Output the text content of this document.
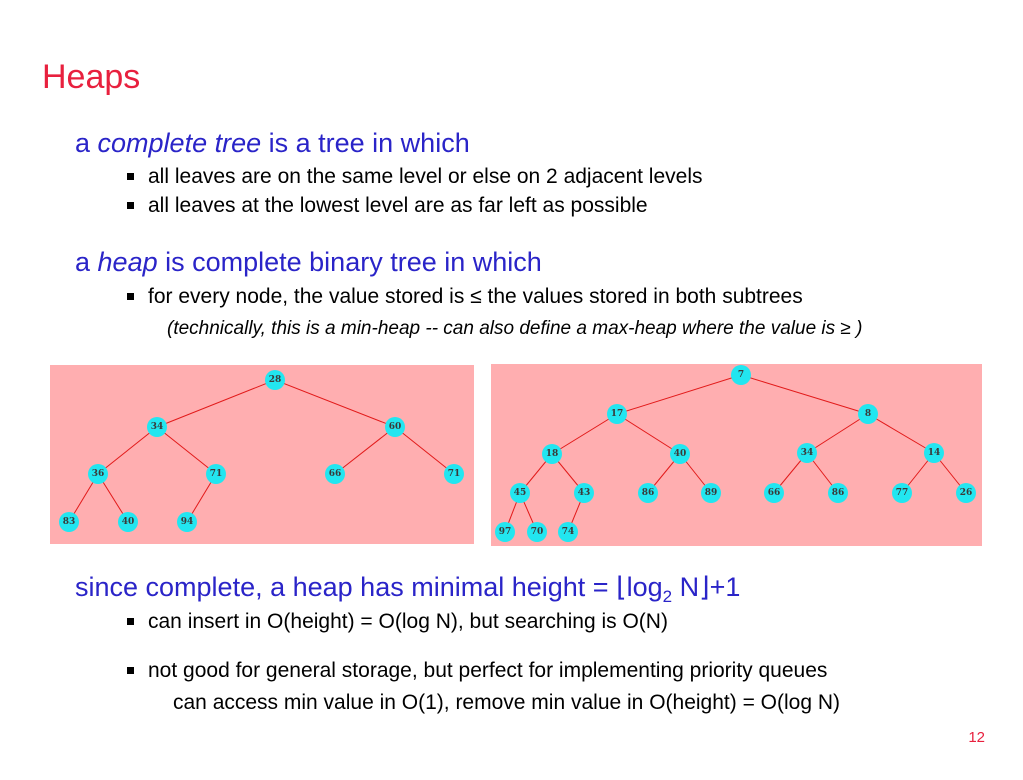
Heaps
a complete tree is a tree in which
all leaves are on the same level or else on 2 adjacent levels
all leaves at the lowest level are as far left as possible
a heap is complete binary tree in which
for every node, the value stored is ≤ the values stored in both subtrees
(technically, this is a min-heap -- can also define a max-heap where the value is ≥ )
28
34	60
36	71	66	71
83	40	94
7
17	8
18	40	34	14
45	43	86	89	66	86	77	26
97 70 74
since complete, a heap has minimal height = $⌊\log_2$ N⌋+1
can insert in O(height) = O(log N), but searching is O(N)
not good for general storage, but perfect for implementing priority queues
can access min value in O(1), remove min value in O(height) = O(log N)
12
